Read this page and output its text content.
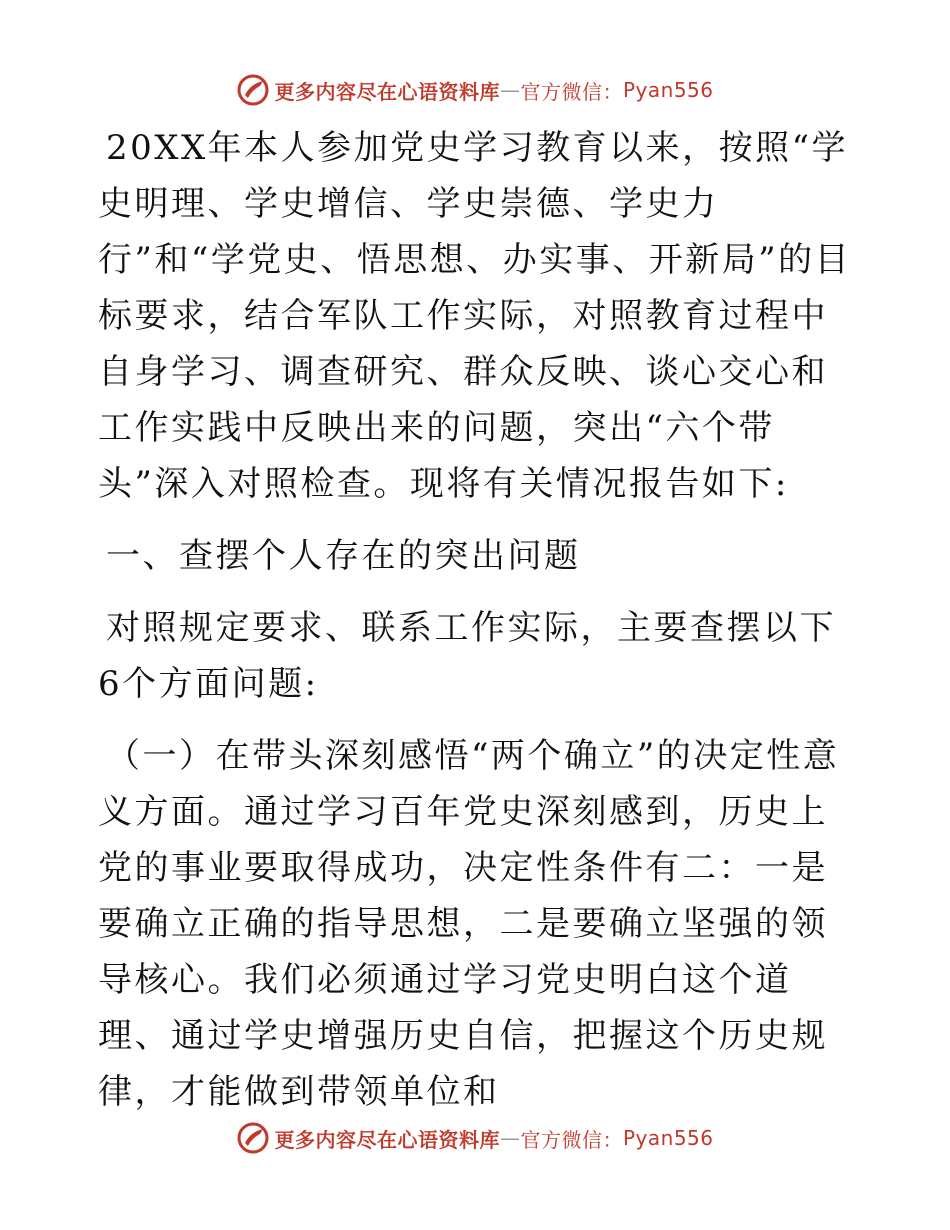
更多内容尽在心语资料库 — 官方微信： Pyan556

20XX年本人参加党史学习教育以来，按照“学史明理、学史增信、学史崇德、学史力行”和“学党史、悟思想、办实事、开新局”的目标要求，结合军队工作实际，对照教育过程中自身学习、调查研究、群众反映、谈心交心和工作实践中反映出来的问题，突出“六个带头”深入对照检查。现将有关情况报告如下:

一、查摆个人存在的突出问题

对照规定要求、联系工作实际，主要查摆以下6个方面问题:

（一）在带头深刻感悟“两个确立”的决定性意义方面。通过学习百年党史深刻感到，历史上党的事业要取得成功，决定性条件有二：一是要确立正确的指导思想，二是要确立坚强的领导核心。我们必须通过学习党史明白这个道理、通过学史增强历史自信，把握这个历史规律，才能做到带领单位和

更多内容尽在心语资料库 — 官方微信： Pyan556
